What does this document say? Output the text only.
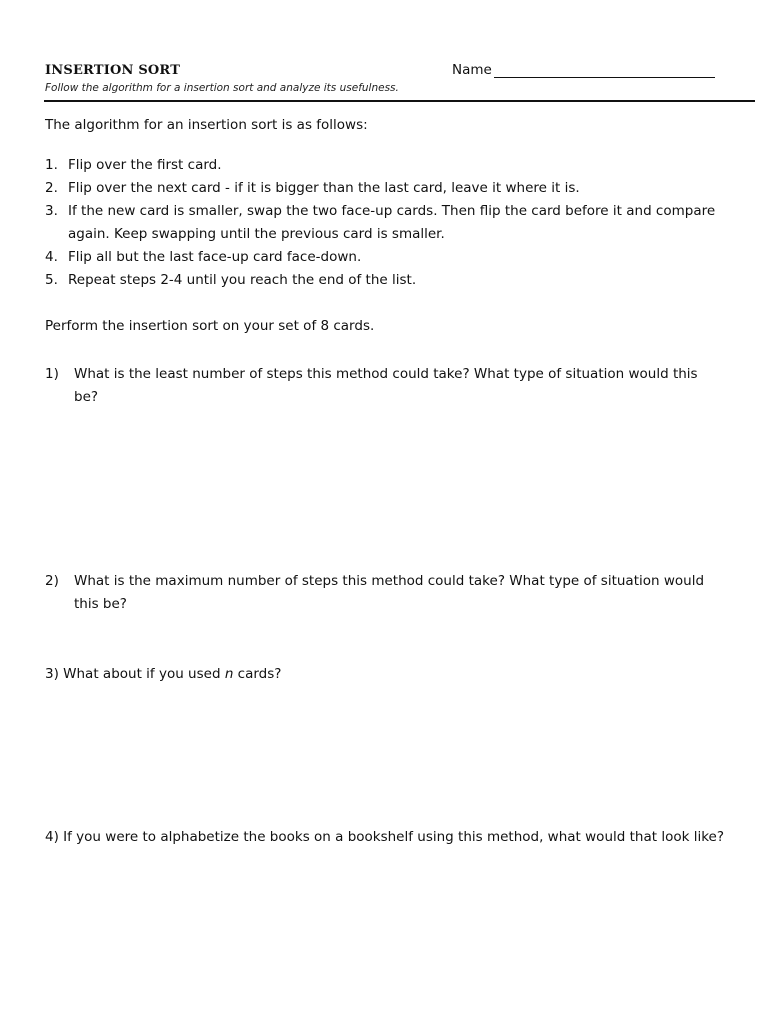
INSERTION SORT
Follow the algorithm for a insertion sort and analyze its usefulness.
Name
The algorithm for an insertion sort is as follows:
1. Flip over the first card.
2. Flip over the next card - if it is bigger than the last card, leave it where it is.
3. If the new card is smaller, swap the two face-up cards. Then flip the card before it and compare again. Keep swapping until the previous card is smaller.
4. Flip all but the last face-up card face-down.
5. Repeat steps 2-4 until you reach the end of the list.
Perform the insertion sort on your set of 8 cards.
1) What is the least number of steps this method could take? What type of situation would this be?
2) What is the maximum number of steps this method could take? What type of situation would this be?
3) What about if you used n cards?
4) If you were to alphabetize the books on a bookshelf using this method, what would that look like?
